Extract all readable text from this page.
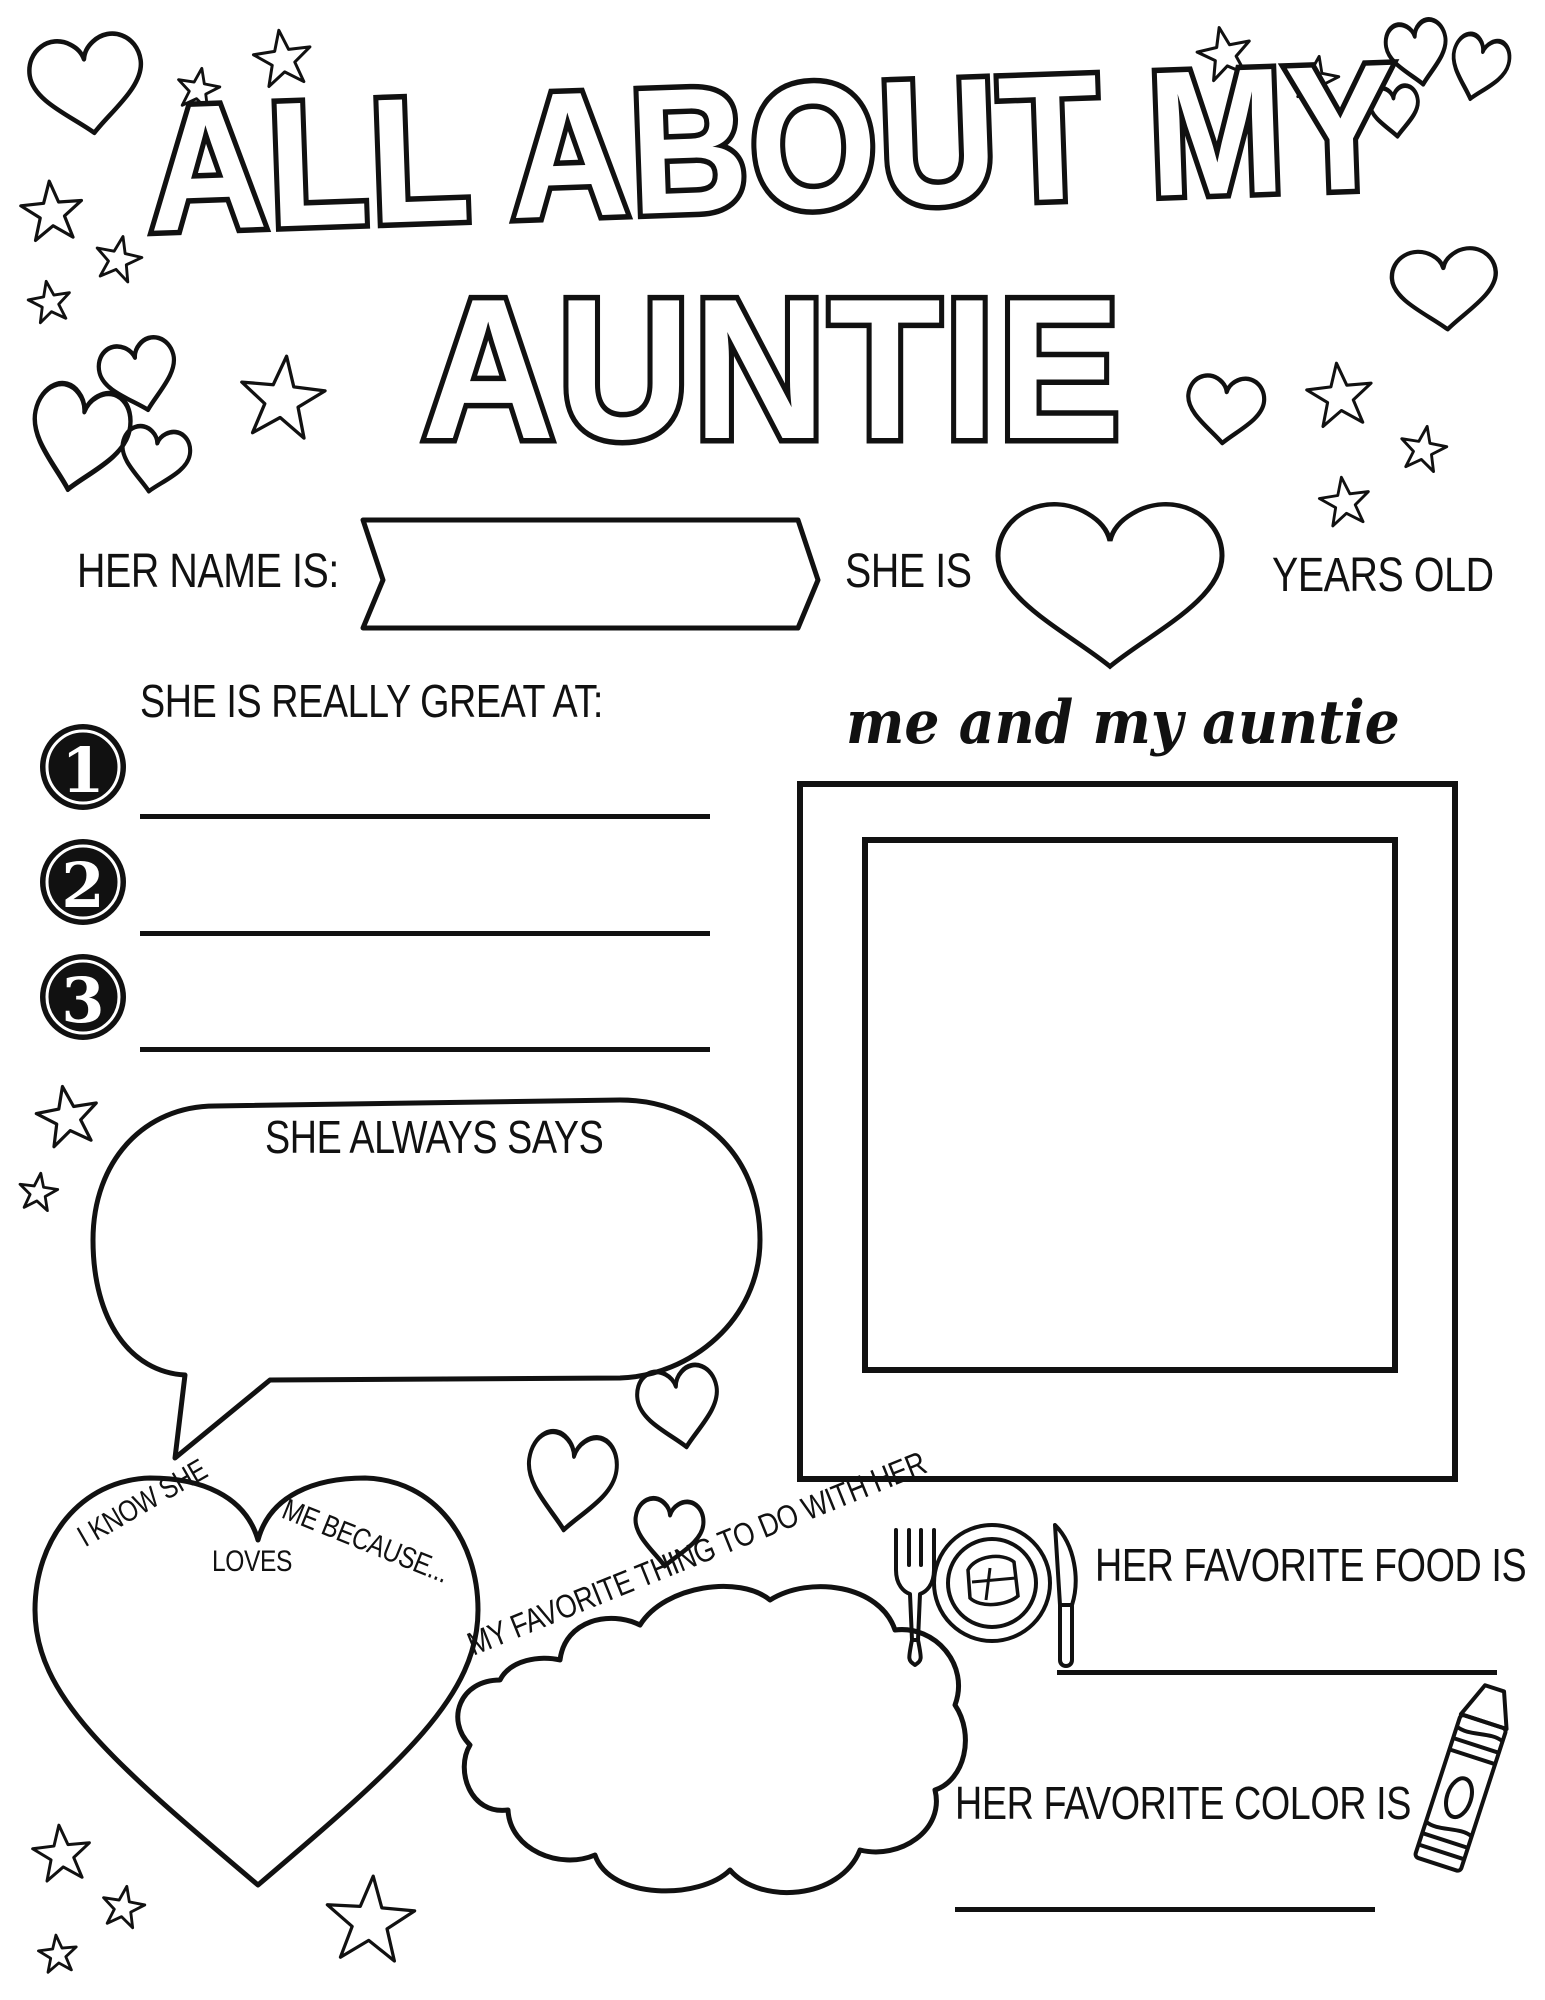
ALL ABOUT MY
AUNTIE
HER NAME IS:	SHE IS	YEARS OLD
SHE IS REALLY GREAT AT:
1
2
3
me and my auntie
SHE ALWAYS SAYS
I KNOW SHE
LOVES
ME BECAUSE... MY FAVORITE THING TO DO WITH HER	HER FAVORITE FOOD IS
HER FAVORITE COLOR IS
